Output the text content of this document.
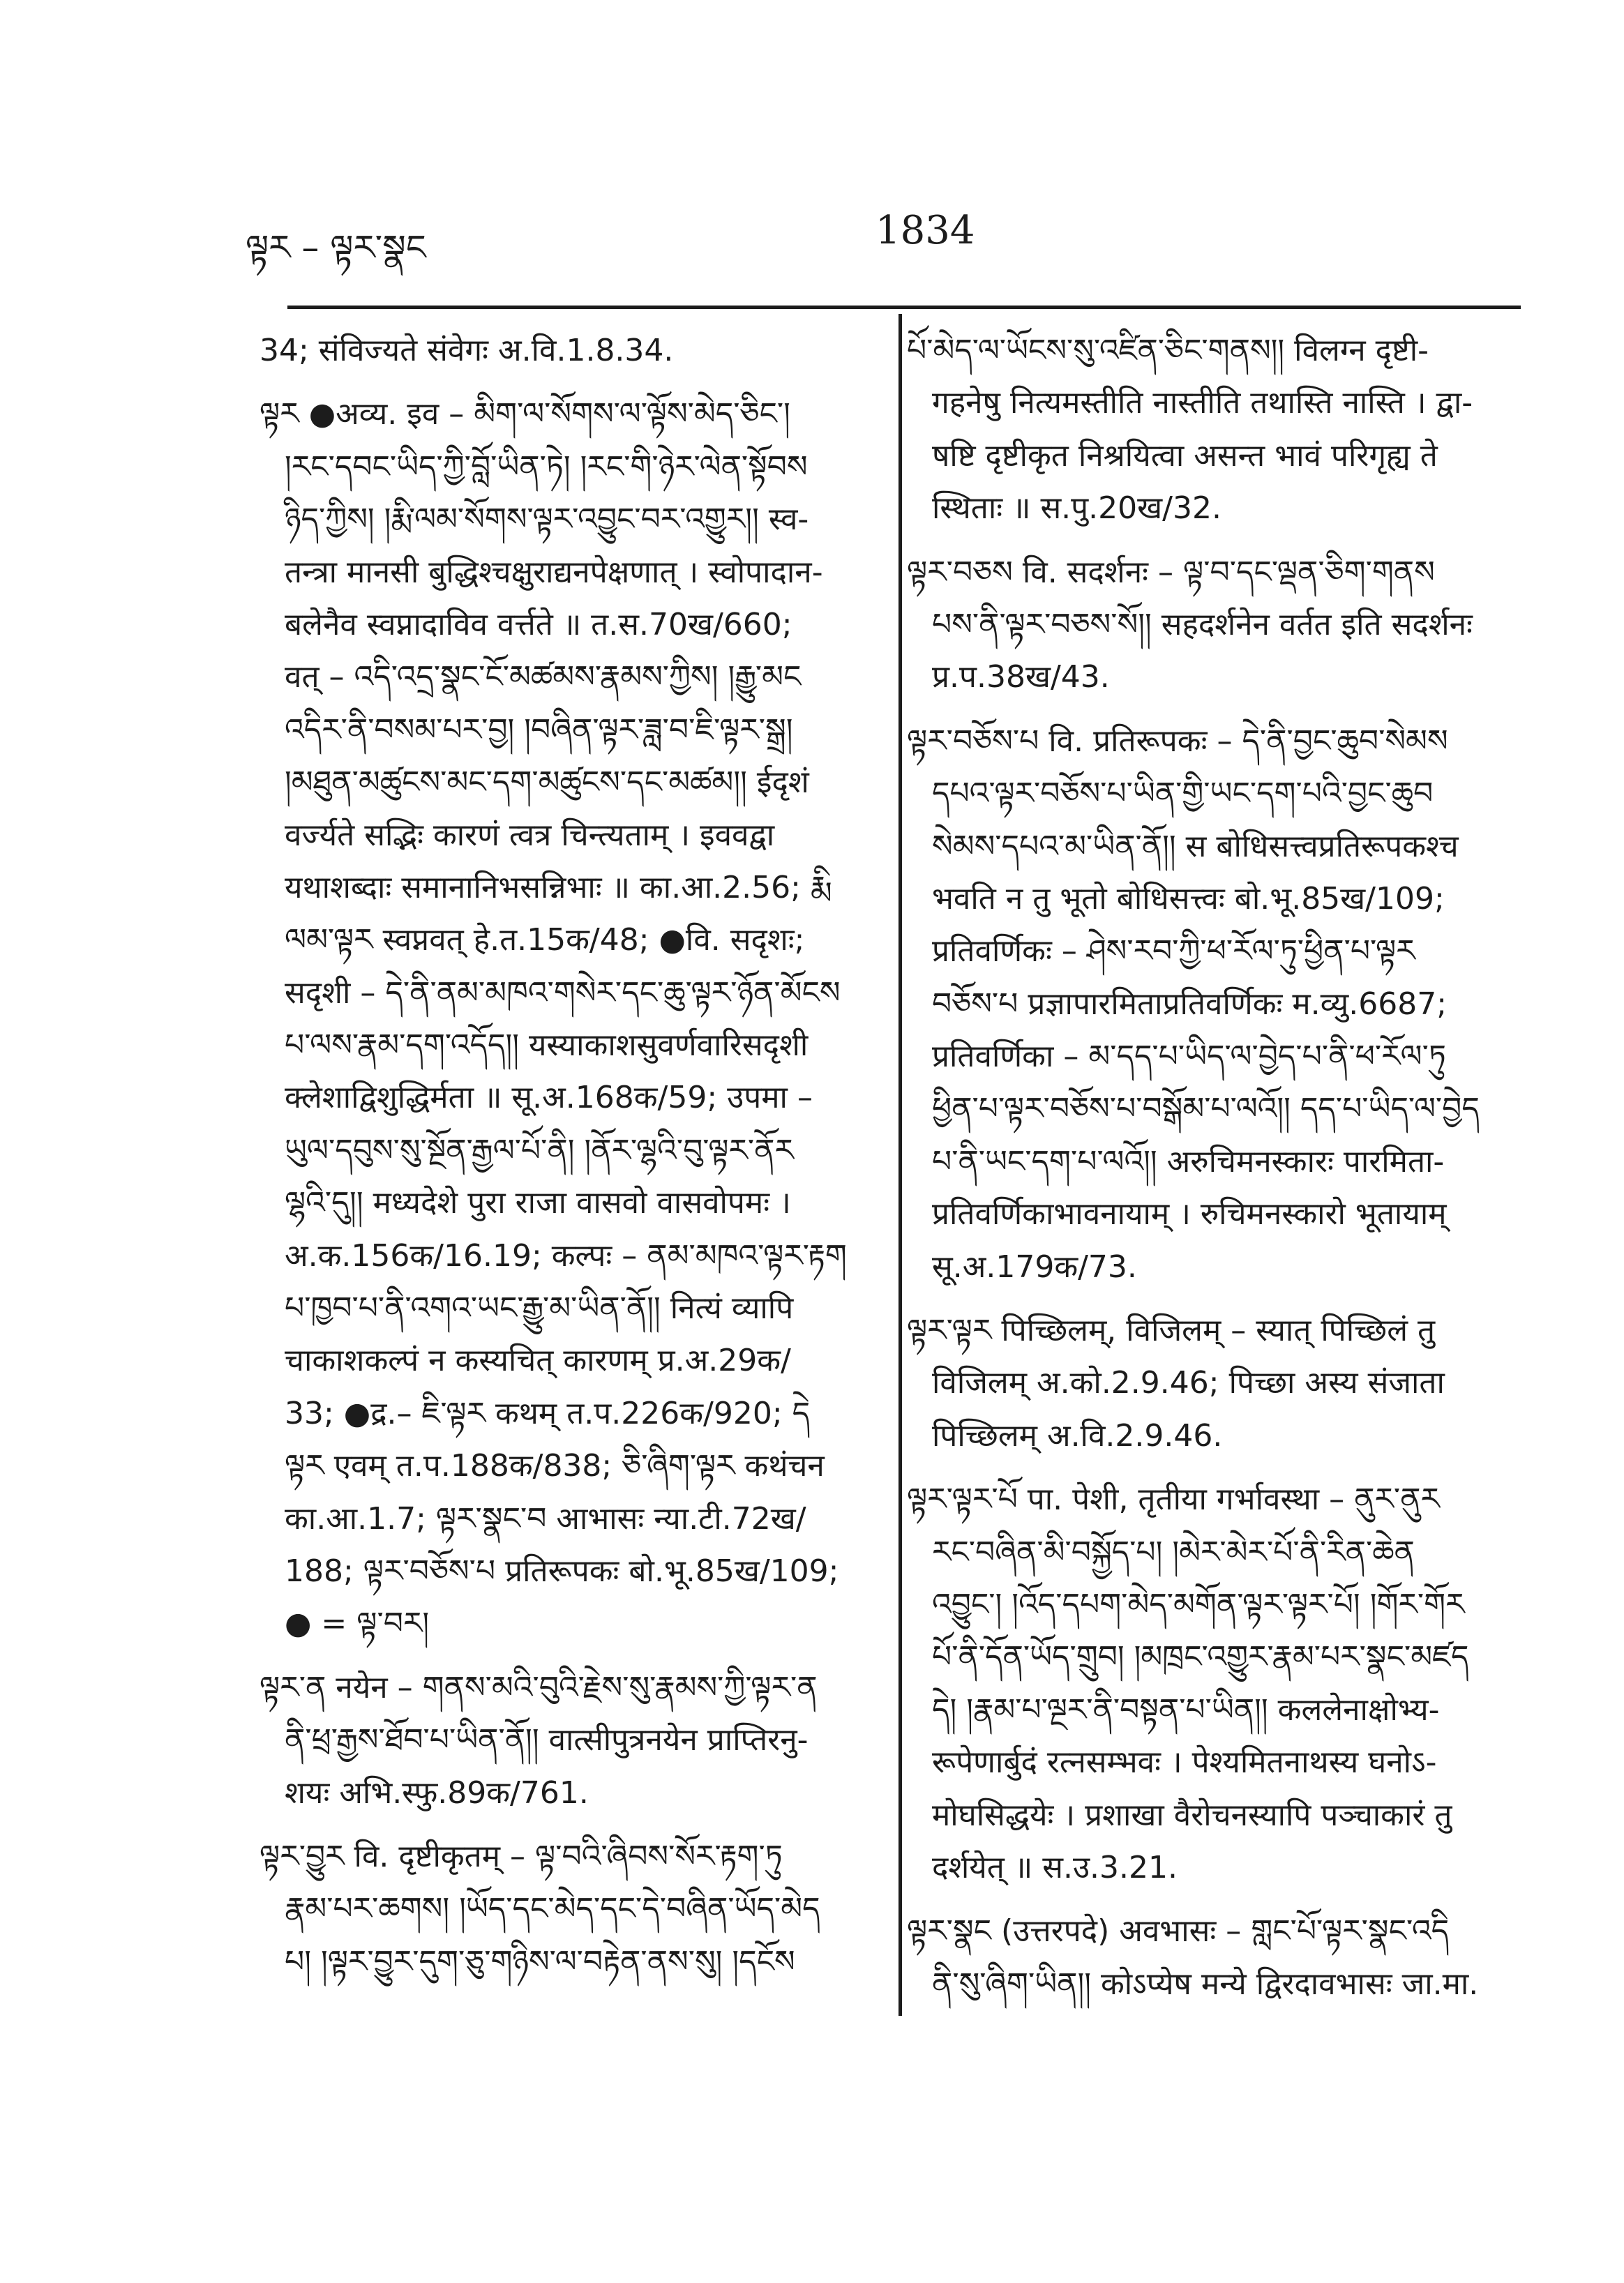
ལྟར – ལྟར་སྣང	1834
34; संविज्यते संवेगः अ.वि.1.8.34.
ལྟར ●अव्य. इव – མིག་ལ་སོགས་ལ་ལྟོས་མེད་ཅིང་།
།རང་དབང་ཡིད་ཀྱི་བློ་ཡིན་ཏེ། །རང་གི་ཉེར་ལེན་སྟོབས
ཉིད་ཀྱིས། །རྨི་ལམ་སོགས་ལྟར་འབྱུང་བར་འགྱུར།། स्व-
तन्त्रा मानसी बुद्धिश्चक्षुराद्यनपेक्षणात् । स्वोपादान-
बलेनैव स्वप्नादाविव वर्त्तते ॥ त.स.70ख/660;
वत् – འདི་འདྲ་སྣང་ངོ་མཚམས་རྣམས་ཀྱིས། །རྒྱུ་མང
འདིར་ནི་བསམ་པར་བྱ། །བཞིན་ལྟར་ཟླ་བ་ཇི་ལྟར་སྒྲ།
།མཐུན་མཚུངས་མང་དག་མཚུངས་དང་མཚམ།། ईदृशं
वर्ज्यते सद्भिः कारणं त्वत्र चिन्त्यताम् । इववद्वा
यथाशब्दाः समानानिभसन्निभाः ॥ का.आ.2.56; རྨི
ལམ་ལྟར स्वप्नवत् हे.त.15क/48; ●वि. सदृशः;
सदृशी – དེ་ནི་ནམ་མཁའ་གསེར་དང་ཆུ་ལྟར་ཉོན་མོངས
པ་ལས་རྣམ་དག་འདོད།། यस्याकाशसुवर्णवारिसदृशी
क्लेशाद्विशुद्धिर्मता ॥ सू.अ.168क/59; उपमा –
ཡུལ་དབུས་སུ་སྔོན་རྒྱལ་པོ་ནི། །ནོར་ལྷའི་བུ་ལྟར་ནོར
ལྷའི་དུ།། मध्यदेशे पुरा राजा वासवो वासवोपमः ।
अ.क.156क/16.19; कल्पः – ནམ་མཁའ་ལྟར་རྟག
པ་ཁྱབ་པ་ནི་འགའ་ཡང་རྒྱུ་མ་ཡིན་ནོ།། नित्यं व्यापि
चाकाशकल्पं न कस्यचित् कारणम् प्र.अ.29क/
33; ●द्र.– ཇི་ལྟར कथम् त.प.226क/920; དེ
ལྟར एवम् त.प.188क/838; ཅི་ཞིག་ལྟར कथंचन
का.आ.1.7; ལྟར་སྣང་བ आभासः न्या.टी.72ख/
188; ལྟར་བཅོས་པ प्रतिरूपकः बो.भू.85ख/109;
● = ལྟ་བར།
ལྟར་ན नयेन – གནས་མའི་བུའི་རྗེས་སུ་རྣམས་ཀྱི་ལྟར་ན
ནི་ཕྲ་རྒྱས་ཐོབ་པ་ཡིན་ནོ།། वात्सीपुत्रनयेन प्राप्तिरनु-
शयः अभि.स्फु.89क/761.
ལྟར་བྱུར वि. दृष्टीकृतम् – ལྟ་བའི་ཞིབས་སོར་རྟག་ཏུ
རྣམ་པར་ཆགས། །ཡོད་དང་མེད་དང་དེ་བཞིན་ཡོད་མེད
པ། །ལྟར་བྱུར་དུག་ཅུ་གཉིས་ལ་བརྟེན་ནས་སུ། །དངོས
པོ་མེད་ལ་ཡོངས་སུ་འཛིན་ཅིང་གནས།། विलग्न दृष्टी-
गहनेषु नित्यमस्तीति नास्तीति तथास्ति नास्ति । द्वा-
षष्टि दृष्टीकृत निश्रयित्वा असन्त भावं परिगृह्य ते
स्थिताः ॥ स.पु.20ख/32.
ལྟར་བཅས वि. सदर्शनः – ལྟ་བ་དང་ལྡན་ཅིག་གནས
པས་ནི་ལྟར་བཅས་སོ།། सहदर्शनेन वर्तत इति सदर्शनः
प्र.प.38ख/43.
ལྟར་བཅོས་པ वि. प्रतिरूपकः – དེ་ནི་བྱང་ཆུབ་སེམས
དཔའ་ལྟར་བཅོས་པ་ཡིན་གྱི་ཡང་དག་པའི་བྱང་ཆུབ
སེམས་དཔའ་མ་ཡིན་ནོ།། स बोधिसत्त्वप्रतिरूपकश्च
भवति न तु भूतो बोधिसत्त्वः बो.भू.85ख/109;
प्रतिवर्णिकः – ཤེས་རབ་ཀྱི་ཕ་རོལ་ཏུ་ཕྱིན་པ་ལྟར
བཅོས་པ प्रज्ञापारमिताप्रतिवर्णिकः म.व्यु.6687;
प्रतिवर्णिका – མ་དད་པ་ཡིད་ལ་བྱེད་པ་ནི་ཕ་རོལ་ཏུ
ཕྱིན་པ་ལྟར་བཅོས་པ་བསྒོམ་པ་ལའོ།། དད་པ་ཡིད་ལ་བྱེད
པ་ནི་ཡང་དག་པ་ལའོ།། अरुचिमनस्कारः पारमिता-
प्रतिवर्णिकाभावनायाम् । रुचिमनस्कारो भूतायाम्
सू.अ.179क/73.
ལྟར་ལྟར पिच्छिलम्, विजिलम् – स्यात् पिच्छिलं तु
विजिलम् अ.को.2.9.46; पिच्छा अस्य संजाता
पिच्छिलम् अ.वि.2.9.46.
ལྟར་ལྟར་པོ पा. पेशी, तृतीया गर्भावस्था – ནུར་ནུར
རང་བཞིན་མི་བསྐྱོད་པ། །མེར་མེར་པོ་ནི་རིན་ཆེན
འབྱུང་། །འོད་དཔག་མེད་མགོན་ལྟར་ལྟར་པོ། །གོར་གོར
པོ་ནི་དོན་ཡོད་གྲུབ། །མཁྲང་འགྱུར་རྣམ་པར་སྣང་མཛད
དེ། །རྣམ་པ་ལྔར་ནི་བསྟན་པ་ཡིན།། कललेनाक्षोभ्य-
रूपेणार्बुदं रत्नसम्भवः । पेश्यमितनाथस्य घनोऽ-
मोघसिद्धयेः । प्रशाखा वैरोचनस्यापि पञ्चाकारं तु
दर्शयेत् ॥ स.उ.3.21.
ལྟར་སྣང (उत्तरपदे) अवभासः – གླང་པོ་ལྟར་སྣང་འདི
ནི་སུ་ཞིག་ཡིན།། कोऽप्येष मन्ये द्विरदावभासः जा.मा.
